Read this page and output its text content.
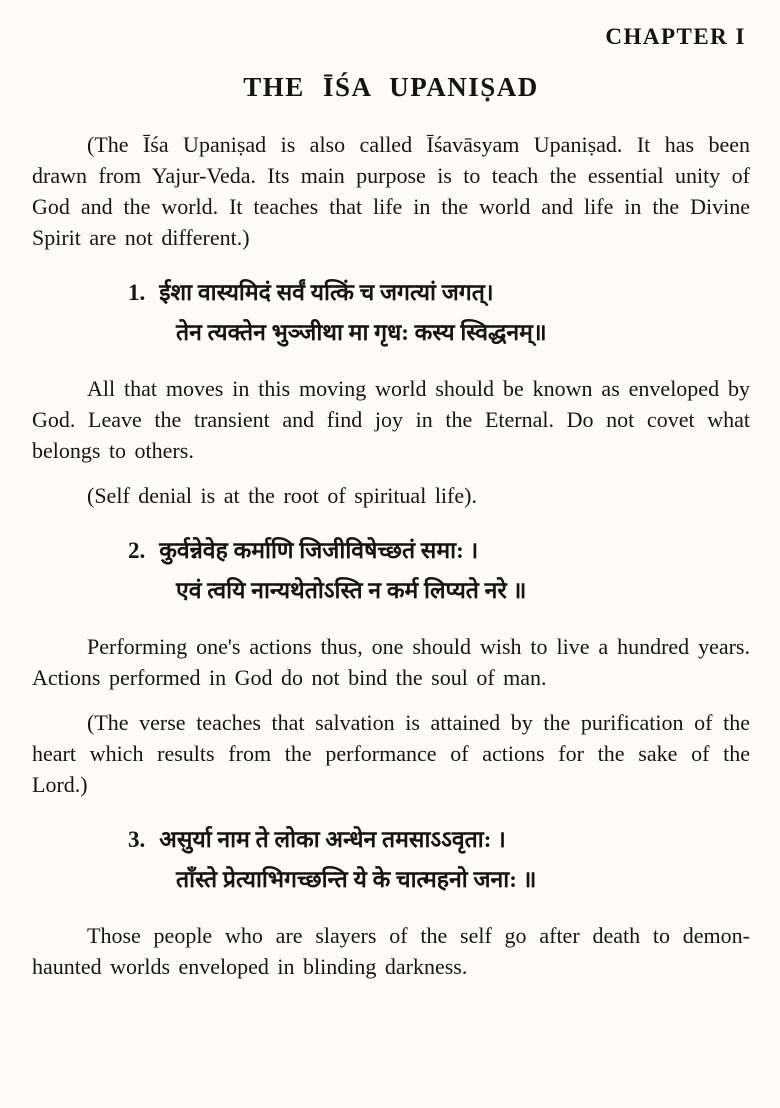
CHAPTER I
THE ĪŚA UPANIṢAD
(The Īśa Upaniṣad is also called Īśavāsyam Upaniṣad. It has been drawn from Yajur-Veda. Its main purpose is to teach the essential unity of God and the world. It teaches that life in the world and life in the Divine Spirit are not different.)
1. ईशा वास्यमिदं सर्वं यत्किं च जगत्यां जगत्।
तेन त्यक्तेन भुञ्जीथा मा गृध: कस्य स्विद्धनम्॥
All that moves in this moving world should be known as enveloped by God. Leave the transient and find joy in the Eternal. Do not covet what belongs to others.
(Self denial is at the root of spiritual life).
2. कुर्वन्नेवेह कर्माणि जिजीविषेच्छतं समा: ।
एवं त्वयि नान्यथेतोऽस्ति न कर्म लिप्यते नरे ॥
Performing one's actions thus, one should wish to live a hundred years. Actions performed in God do not bind the soul of man.
(The verse teaches that salvation is attained by the purification of the heart which results from the performance of actions for the sake of the Lord.)
3. असुर्या नाम ते लोका अन्धेन तमसाऽऽवृता: ।
ताँस्ते प्रेत्याभिगच्छन्ति ये के चात्महनो जना: ॥
Those people who are slayers of the self go after death to demon-haunted worlds enveloped in blinding darkness.
